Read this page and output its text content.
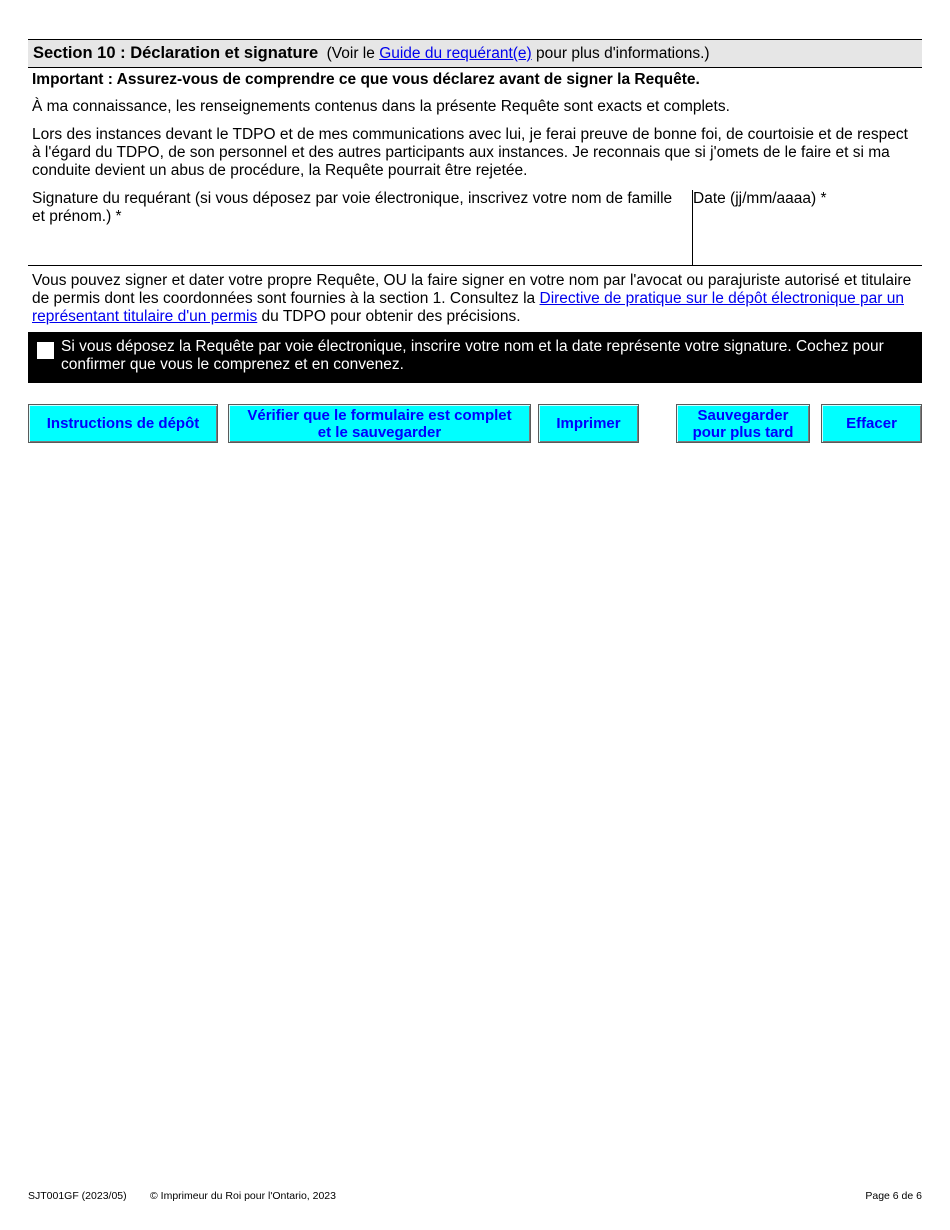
Section 10 : Déclaration et signature (Voir le Guide du requérant(e) pour plus d'informations.)
Important : Assurez-vous de comprendre ce que vous déclarez avant de signer la Requête.
À ma connaissance, les renseignements contenus dans la présente Requête sont exacts et complets.
Lors des instances devant le TDPO et de mes communications avec lui, je ferai preuve de bonne foi, de courtoisie et de respect à l'égard du TDPO, de son personnel et des autres participants aux instances. Je reconnais que si j'omets de le faire et si ma conduite devient un abus de procédure, la Requête pourrait être rejetée.
Signature du requérant (si vous déposez par voie électronique, inscrivez votre nom de famille et prénom.) *
Date (jj/mm/aaaa) *
Vous pouvez signer et dater votre propre Requête, OU la faire signer en votre nom par l'avocat ou parajuriste autorisé et titulaire de permis dont les coordonnées sont fournies à la section 1. Consultez la Directive de pratique sur le dépôt électronique par un représentant titulaire d'un permis du TDPO pour obtenir des précisions.
Si vous déposez la Requête par voie électronique, inscrire votre nom et la date représente votre signature. Cochez pour confirmer que vous le comprenez et en convenez.
Instructions de dépôt	Vérifier que le formulaire est complet
et le sauvegarder	Imprimer	Sauvegarder
pour plus tard	Effacer
SJT001GF (2023/05) © Imprimeur du Roi pour l'Ontario, 2023	Page 6 de 6
